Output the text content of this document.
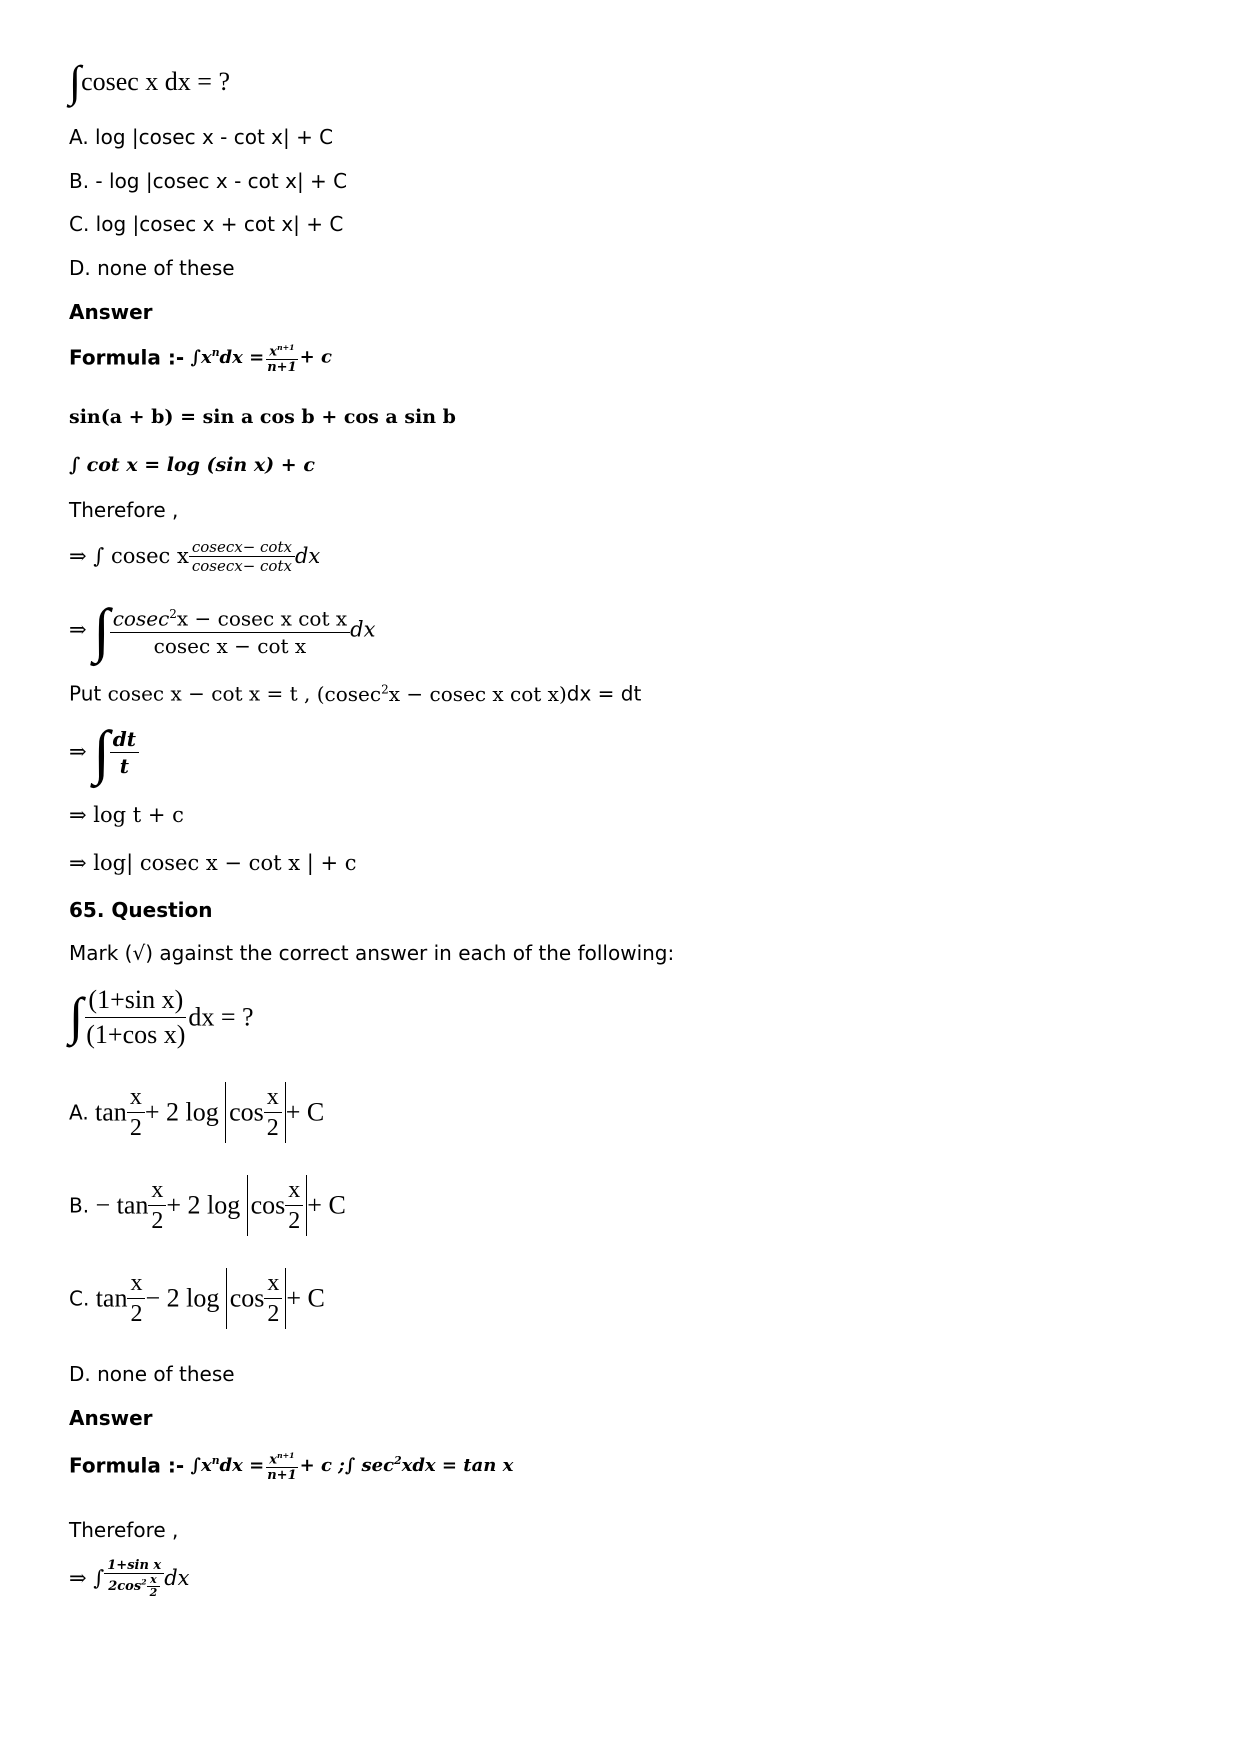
∫cosec x dx = ?
A. log |cosec x - cot x| + C
B. - log |cosec x - cot x| + C
C. log |cosec x + cot x| + C
D. none of these
Answer
Formula :- $\int x^ndx = \frac{x^{n+1}}{n+1} + c$
sin(a + b) = sin a cos b + cos a sin b
∫ cot x = log (sin x) + c
Therefore ,
⇒ ∫ cosec x $\frac{cosecx- \cot x}{cosecx- \cot x}$ dx
⇒ ∫ $\frac{cosec^2x - cosec x \cot x}{\text{cosec x − cot x}}$ dx
Put cosec x − cot x = t , (cosec$^2$x − cosec x cot x)dx = dt
⇒ ∫ $\frac{dt}{t}$
⇒ log t + c
⇒ log| cosec x − cot x | + c
65. Question
Mark (√) against the correct answer in each of the following:
∫ $\frac{\text{(1+sin x)}}{\text{(1+cos x)}}$ dx = ?
A. $\tan \frac{x}{2} + 2$ $\log \cos \frac{x}{2} + C$
B. − $\tan \frac{x}{2} + 2$ $\log \cos \frac{x}{2} + C$
C. $\tan \frac{x}{2} - 2$ $\log \cos \frac{x}{2} + C$
D. none of these
Answer
Formula :- $\int x^ndx = \frac{x^{n+1}}{n+1} + c$ ;∫ $\sec^2xdx = \tan x$
Therefore ,
⇒ ∫ $\frac{\text{1+sin x}}{2\cos^2 \frac{x}{2}}$ dx
